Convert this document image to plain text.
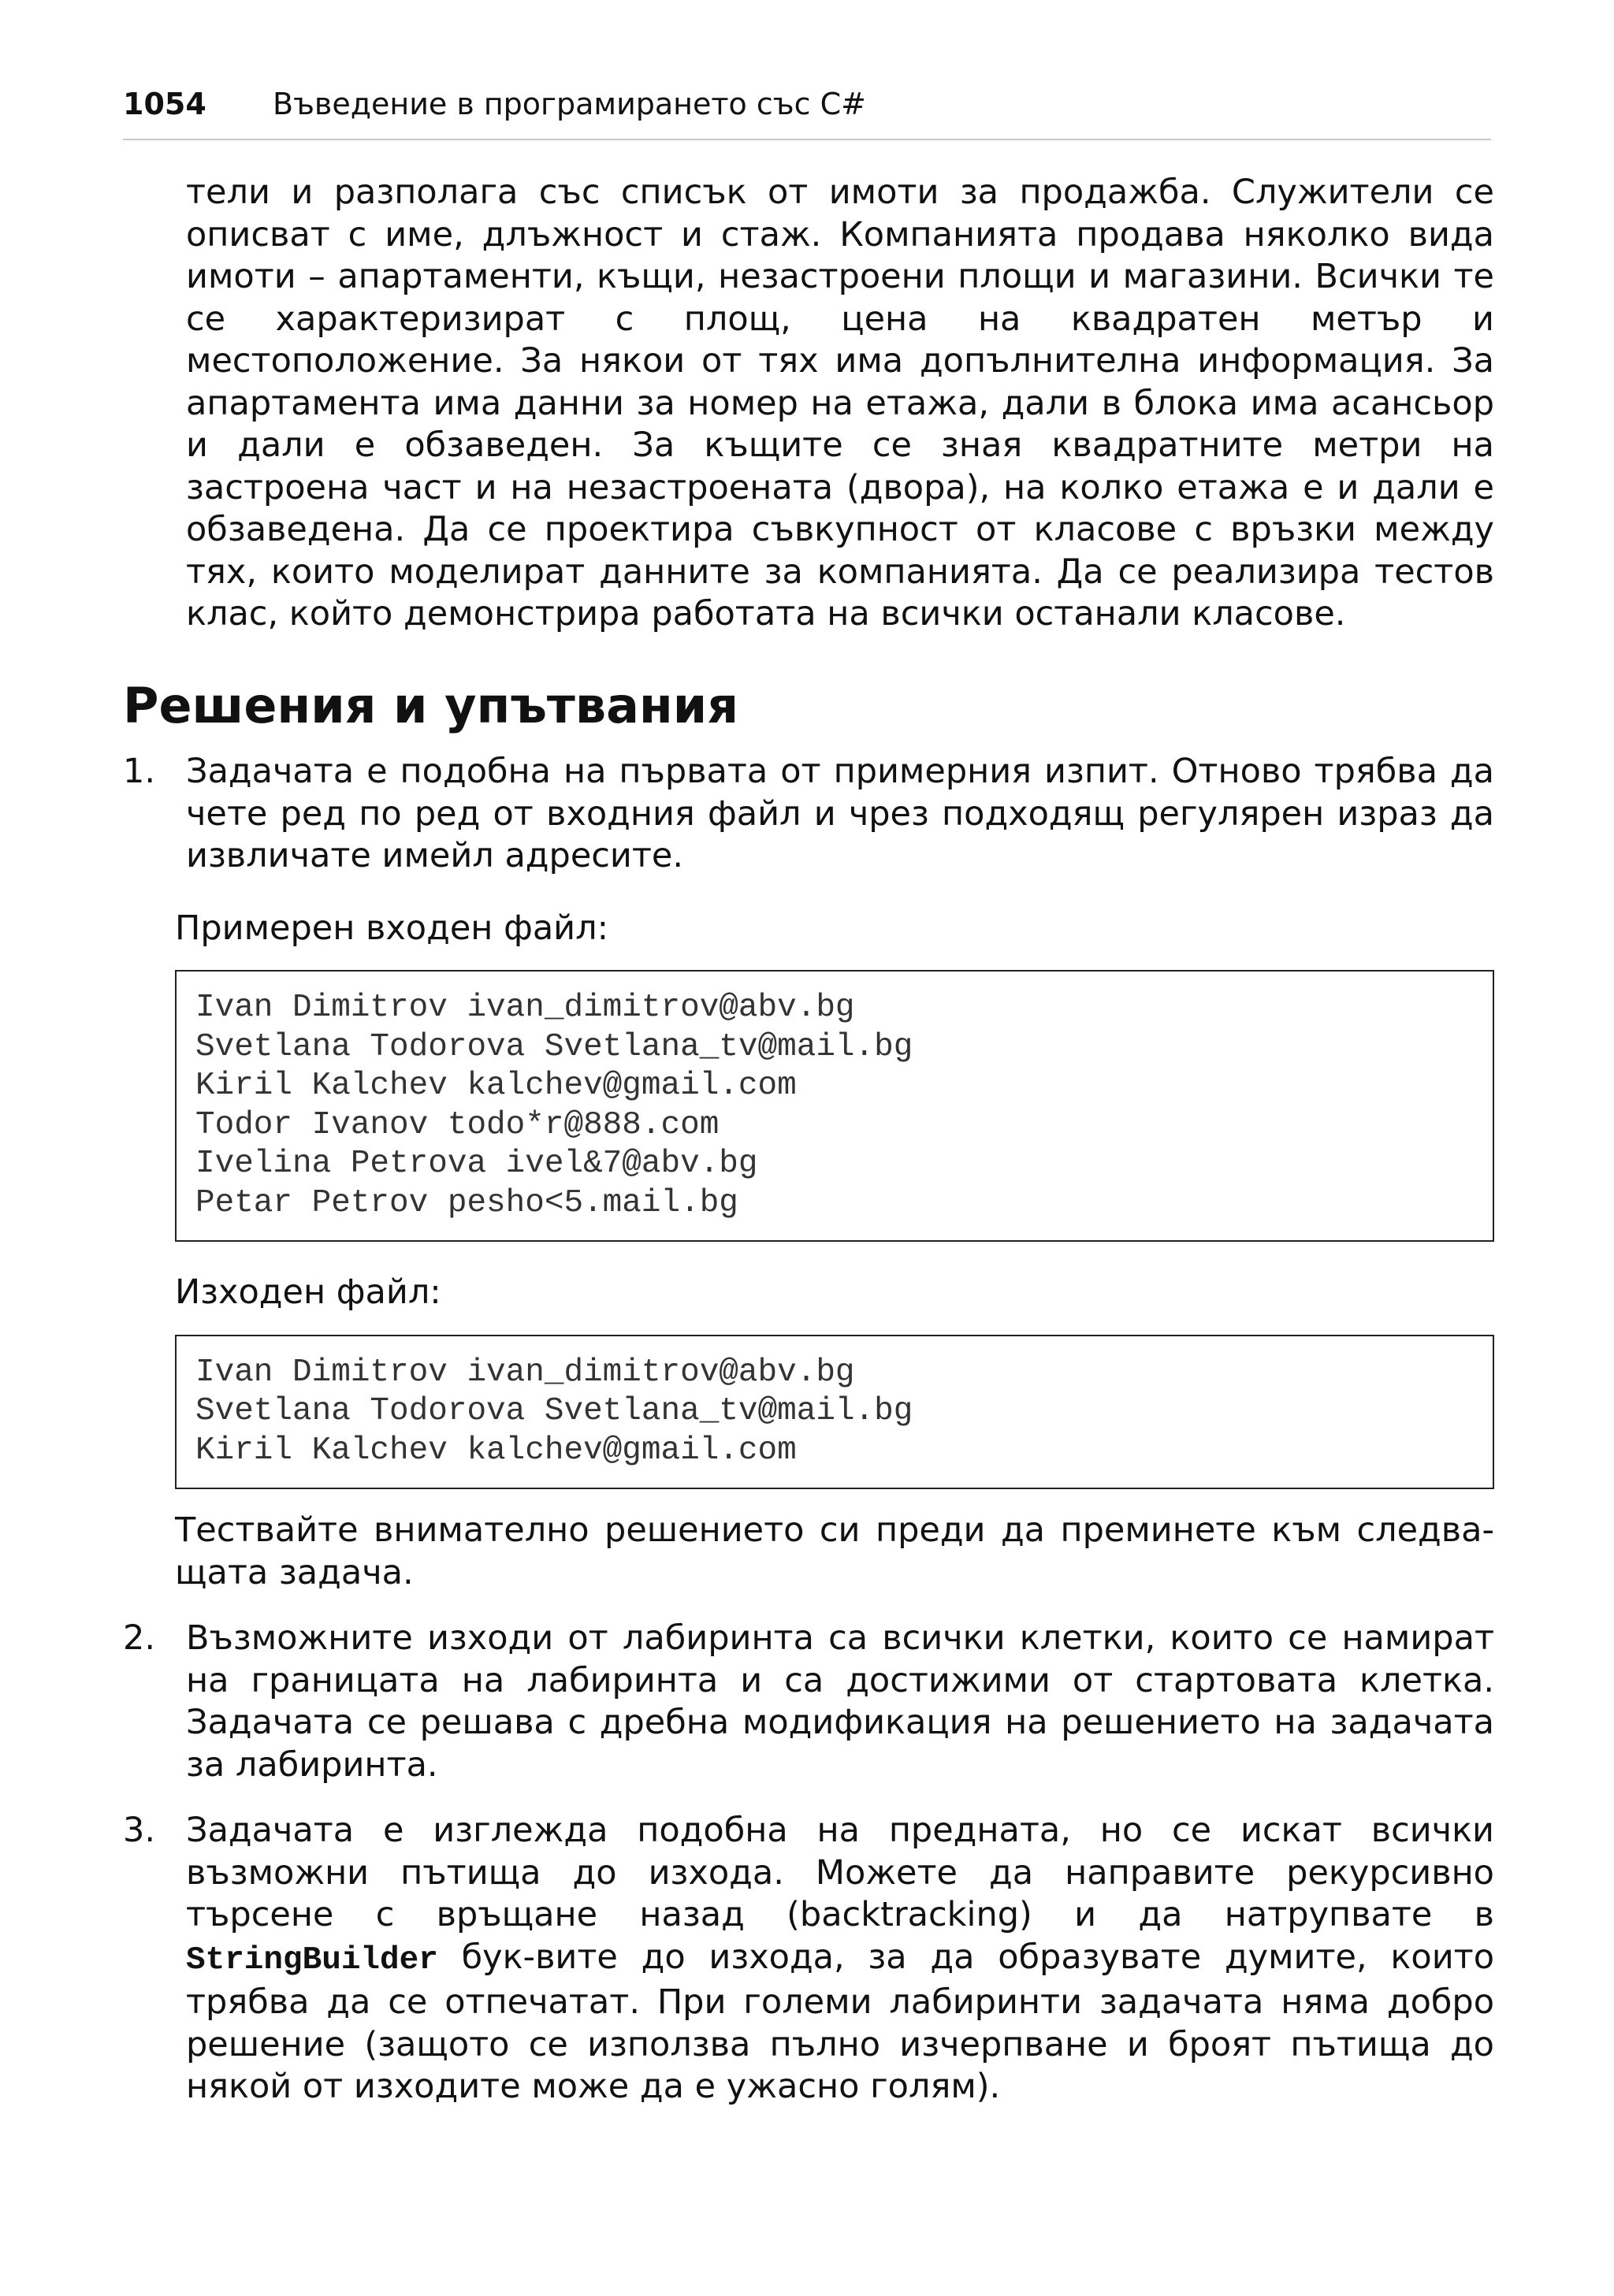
1054 Въведение в програмирането със C#

тели и разполага със списък от имоти за продажба. Служители се описват с име, длъжност и стаж. Компанията продава няколко вида имоти – апартаменти, къщи, незастроени площи и магазини. Всички те се характеризират с площ, цена на квадратен метър и местоположение. За някои от тях има допълнителна информация. За апартамента има данни за номер на етажа, дали в блока има асансьор и дали е обзаведен. За къщите се зная квадратните метри на застроена част и на незастроената (двора), на колко етажа е и дали е обзаведена. Да се проектира съвкупност от класове с връзки между тях, които моделират данните за компанията. Да се реализира тестов клас, който демонстрира работата на всички останали класове.

Решения и упътвания
1. Задачата е подобна на първата от примерния изпит. Отново трябва да чете ред по ред от входния файл и чрез подходящ регулярен израз да извличате имейл адресите.

Примерен входен файл:

Ivan Dimitrov ivan_dimitrov@abv.bg
Svetlana Todorova Svetlana_tv@mail.bg
Kiril Kalchev kalchev@gmail.com
Todor Ivanov todo*r@888.com
Ivelina Petrova ivel&7@abv.bg
Petar Petrov pesho<5.mail.bg

Изходен файл:

Ivan Dimitrov ivan_dimitrov@abv.bg
Svetlana Todorova Svetlana_tv@mail.bg
Kiril Kalchev kalchev@gmail.com

Тествайте внимателно решението си преди да преминете към следва-щата задача.

2. Възможните изходи от лабиринта са всички клетки, които се намират на границата на лабиринта и са достижими от стартовата клетка. Задачата се решава с дребна модификация на решението на задачата за лабиринта.

3. Задачата е изглежда подобна на предната, но се искат всички възможни пътища до изхода. Можете да направите рекурсивно търсене с връщане назад (backtracking) и да натрупвате в StringBuilder бук-вите до изхода, за да образувате думите, които трябва да се отпечатат. При големи лабиринти задачата няма добро решение (защото се използва пълно изчерпване и броят пътища до някой от изходите може да е ужасно голям).
